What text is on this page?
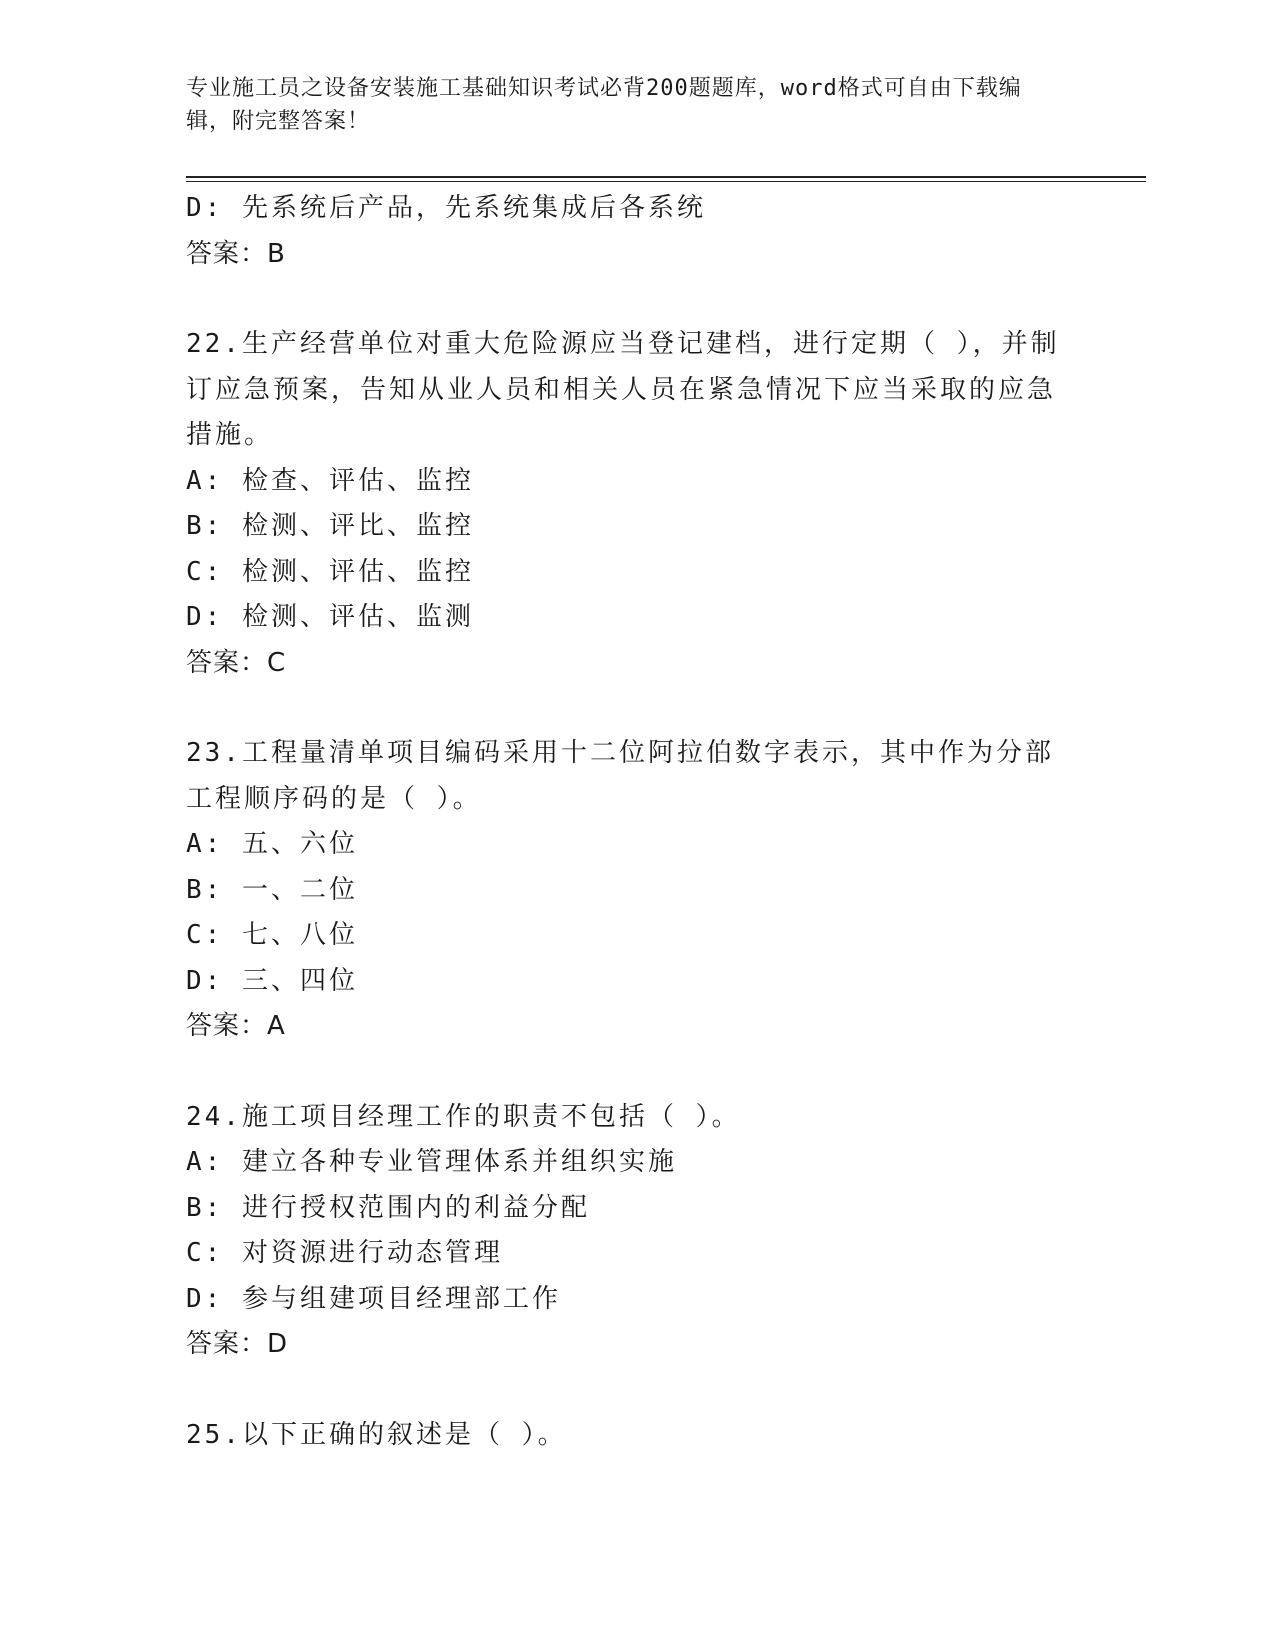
专业施工员之设备安装施工基础知识考试必背200题题库，word格式可自由下载编辑，附完整答案！

D: 先系统后产品，先系统集成后各系统

答案：B

22.生产经营单位对重大危险源应当登记建档，进行定期（ ），并制订应急预案，告知从业人员和相关人员在紧急情况下应当采取的应急措施。

A: 检查、评估、监控

B: 检测、评比、监控

C: 检测、评估、监控

D: 检测、评估、监测

答案：C

23.工程量清单项目编码采用十二位阿拉伯数字表示，其中作为分部工程顺序码的是（ ）。

A: 五、六位

B: 一、二位

C: 七、八位

D: 三、四位

答案：A

24.施工项目经理工作的职责不包括（ ）。

A: 建立各种专业管理体系并组织实施

B: 进行授权范围内的利益分配

C: 对资源进行动态管理

D: 参与组建项目经理部工作

答案：D

25.以下正确的叙述是（ ）。
